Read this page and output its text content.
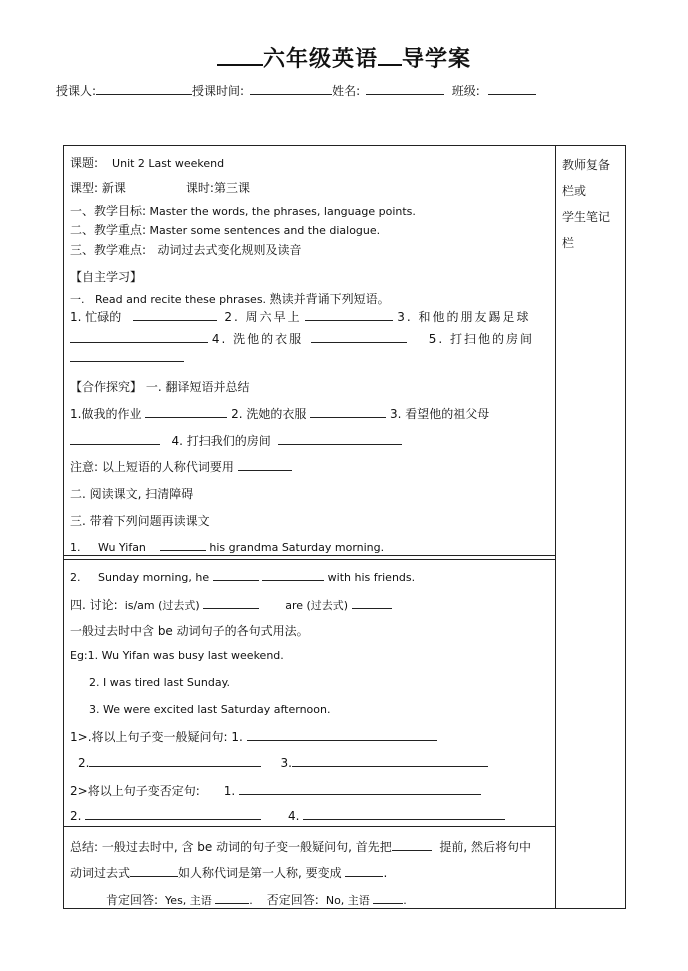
六年级英语 导学案
授课人:	授课时间:	姓名:	班级:
教师复备
栏或
学生笔记
栏
课题: Unit 2 Last weekend
课型: 新课	课时:第三课
一、教学目标: Master the words, the phrases, language points.
二、教学重点: Master some sentences and the dialogue.
三、教学难点: 动词过去式变化规则及读音
【自主学习】
一. Read and recite these phrases. 熟读并背诵下列短语。
1. 忙碌的	2. 周六早上	3. 和他的朋友踢足球
4. 洗他的衣服	5. 打扫他的房间
【合作探究】 一. 翻译短语并总结
1.做我的作业	2. 洗她的衣服	3. 看望他的祖父母
4. 打扫我们的房间
注意: 以上短语的人称代词要用
二. 阅读课文, 扫清障碍
三. 带着下列问题再读课文
1. Wu Yifan	his grandma Saturday morning.
2. Sunday morning, he	with his friends.
四. 讨论: is/am (过去式)	are (过去式)
一般过去时中含 be 动词句子的各句式用法。
Eg:1. Wu Yifan was busy last weekend.
2. I was tired last Sunday.
3. We were excited last Saturday afternoon.
1>.将以上句子变一般疑问句: 1.
2.	3.
2>将以上句子变否定句: 1.
2.	4.
总结: 一般过去时中, 含 be 动词的句子变一般疑问句, 首先把	提前, 然后将句中
动词过去式	如人称代词是第一人称, 要变成	.
肯定回答: Yes, 主语	. 否定回答: No, 主语	.
